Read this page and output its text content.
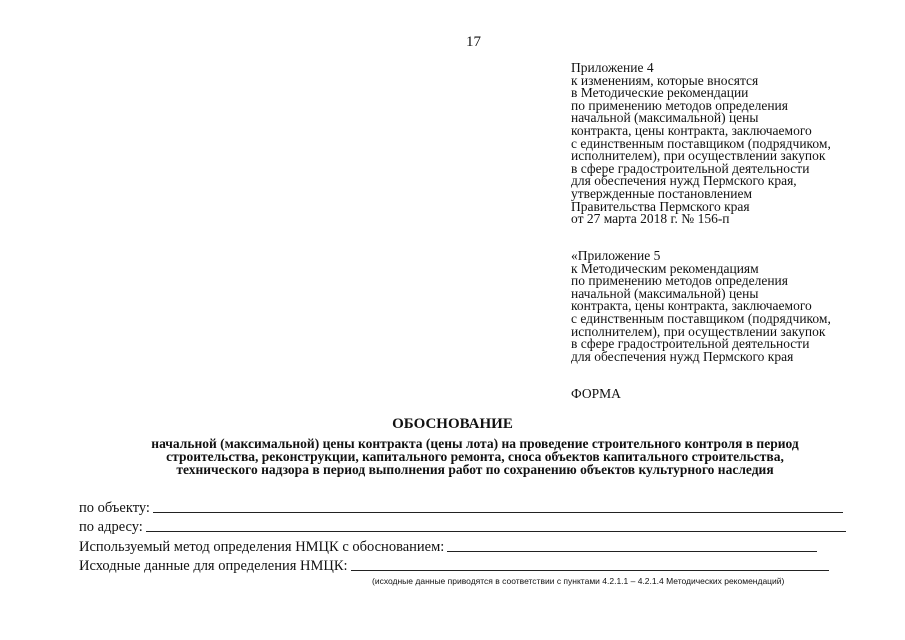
17
Приложение 4
к изменениям, которые вносятся
в Методические рекомендации
по применению методов определения
начальной (максимальной) цены
контракта, цены контракта, заключаемого
с единственным поставщиком (подрядчиком,
исполнителем), при осуществлении закупок
в сфере градостроительной деятельности
для обеспечения нужд Пермского края,
утвержденные постановлением
Правительства Пермского края
от 27 марта 2018 г. № 156-п
«Приложение 5
к Методическим рекомендациям
по применению методов определения
начальной (максимальной) цены
контракта, цены контракта, заключаемого
с единственным поставщиком (подрядчиком,
исполнителем), при осуществлении закупок
в сфере градостроительной деятельности
для обеспечения нужд Пермского края
ФОРМА
ОБОСНОВАНИЕ
начальной (максимальной) цены контракта (цены лота) на проведение строительного контроля в период
строительства, реконструкции, капитального ремонта, сноса объектов капитального строительства,
технического надзора в период выполнения работ по сохранению объектов культурного наследия
по объекту:
по адресу:
Используемый метод определения НМЦК с обоснованием:
Исходные данные для определения НМЦК:
(исходные данные приводятся в соответствии с пунктами 4.2.1.1 – 4.2.1.4 Методических рекомендаций)
